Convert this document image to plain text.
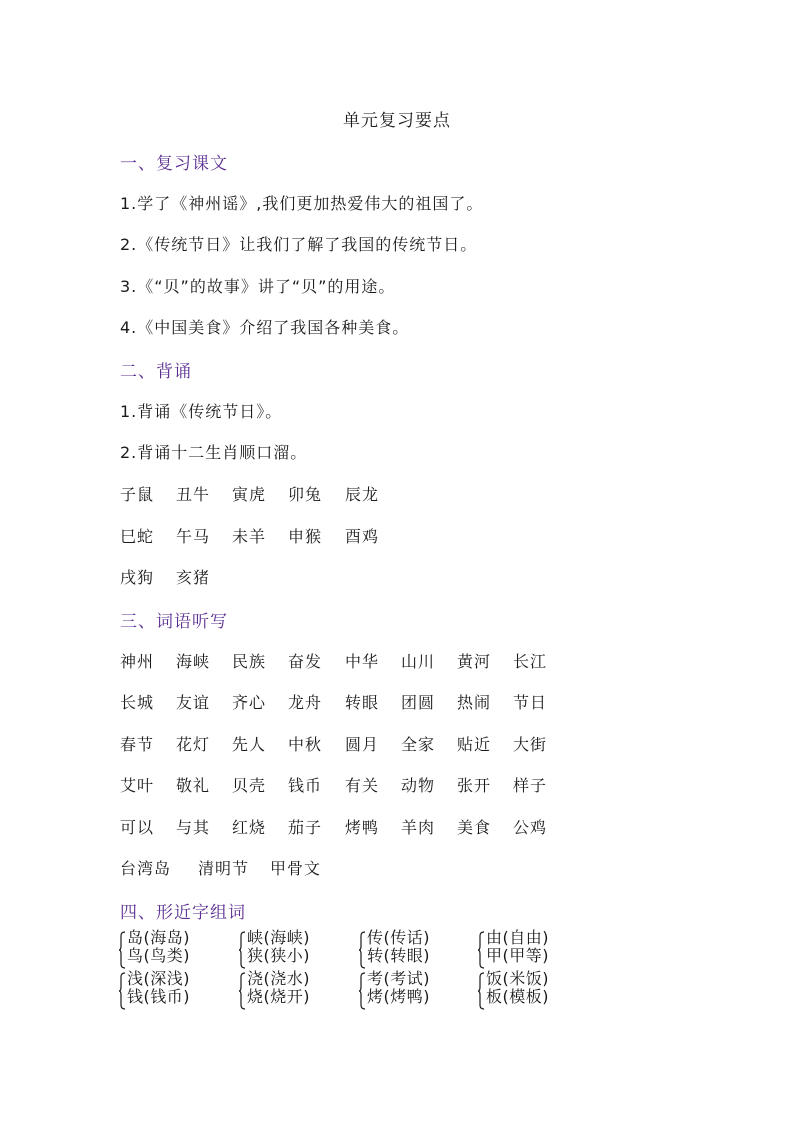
单元复习要点
一、复习课文
1.学了《神州谣》,我们更加热爱伟大的祖国了。
2.《传统节日》让我们了解了我国的传统节日。
3.《“贝”的故事》讲了“贝”的用途。
4.《中国美食》介绍了我国各种美食。
二、背诵
1.背诵《传统节日》。
2.背诵十二生肖顺口溜。
子鼠 丑牛 寅虎 卯兔 辰龙
巳蛇 午马 未羊 申猴 酉鸡
戌狗 亥猪
三、词语听写
神州 海峡 民族 奋发 中华 山川 黄河 长江
长城 友谊 齐心 龙舟 转眼 团圆 热闹 节日
春节 花灯 先人 中秋 圆月 全家 贴近 大街
艾叶 敬礼 贝壳 钱币 有关 动物 张开 样子
可以 与其 红烧 茄子 烤鸭 羊肉 美食 公鸡
台湾岛 清明节 甲骨文
四、形近字组词
岛(海岛)
鸟(鸟类)
峡(海峡)
狭(狭小)
传(传话)
转(转眼)
由(自由)
甲(甲等)
浅(深浅)
钱(钱币)
浇(浇水)
烧(烧开)
考(考试)
烤(烤鸭)
饭(米饭)
板(模板)
